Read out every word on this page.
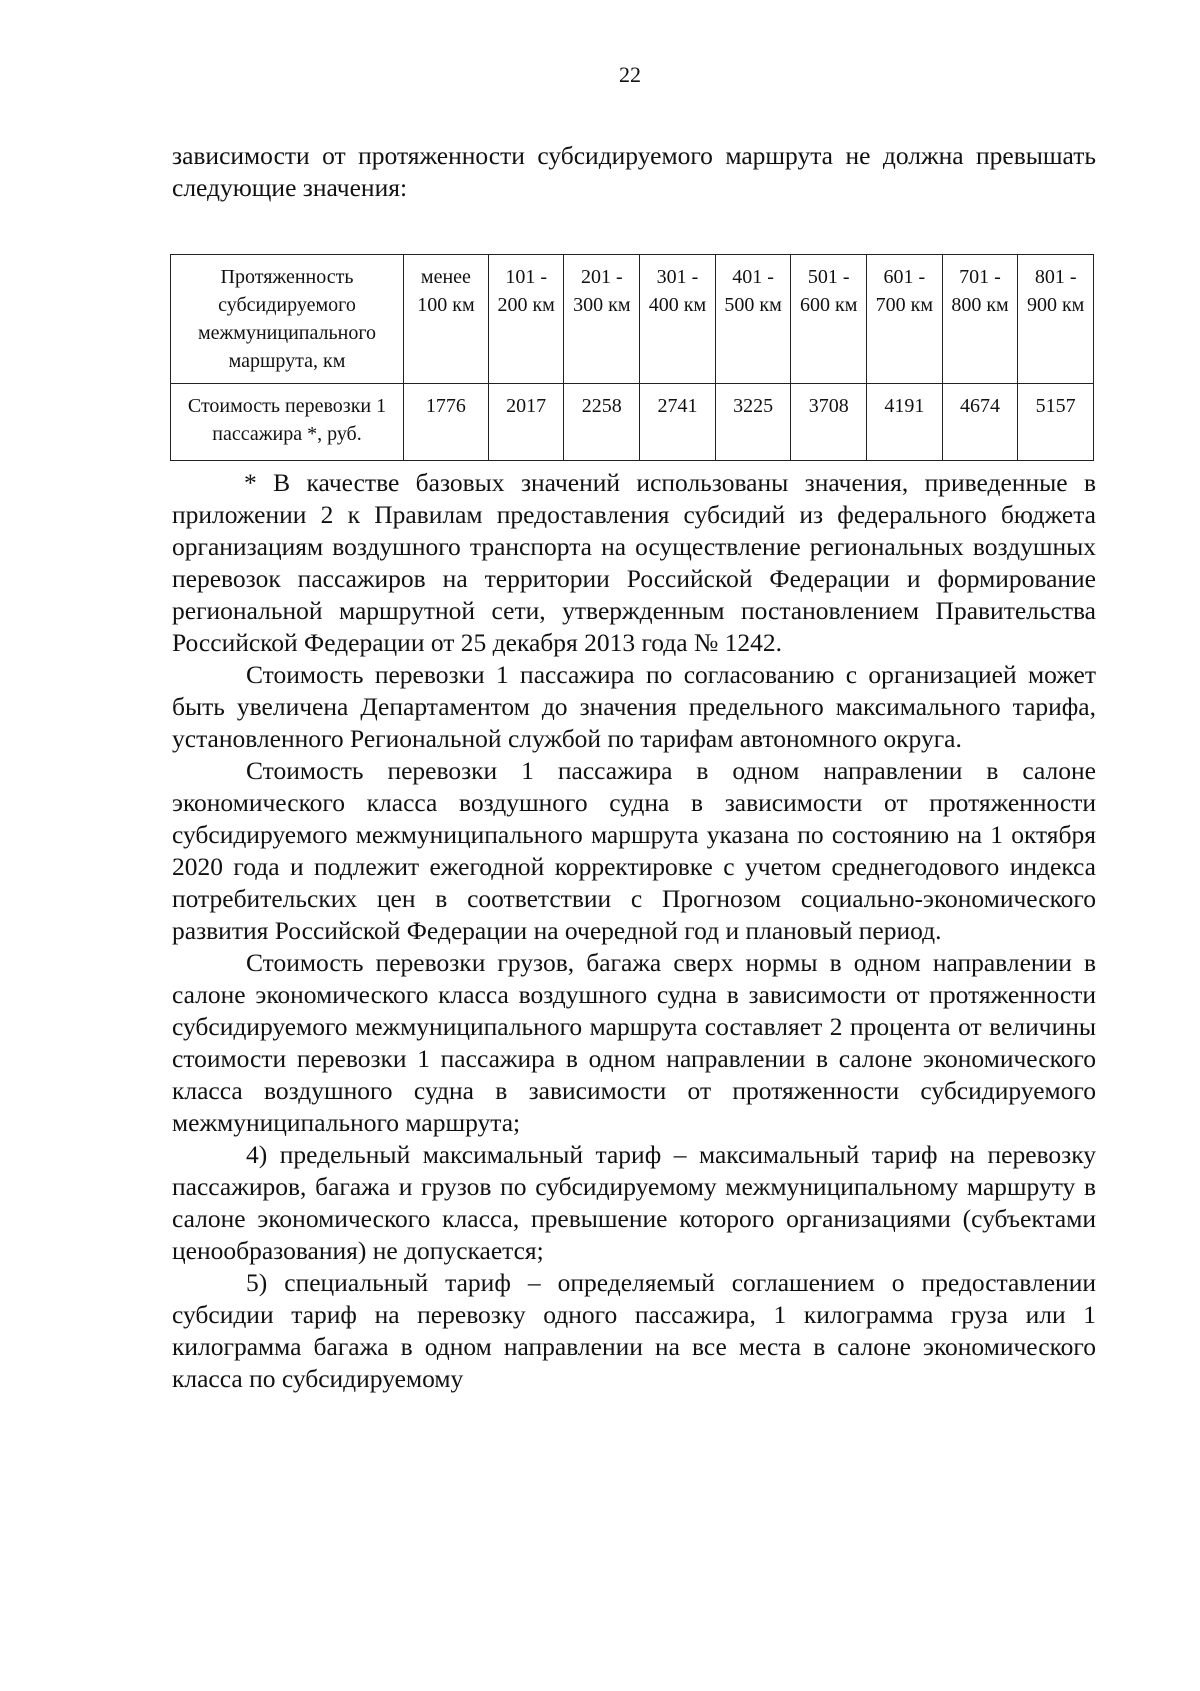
22

зависимости от протяженности субсидируемого маршрута не должна превышать следующие значения:

Протяженность субсидируемого межмуниципального маршрута, км	менее 100 км	101 - 200 км	201 - 300 км	301 - 400 км	401 - 500 км	501 - 600 км	601 - 700 км	701 - 800 км	801 - 900 км
Стоимость перевозки 1 пассажира *, руб.	1776	2017	2258	2741	3225	3708	4191	4674	5157

* В качестве базовых значений использованы значения, приведенные в приложении 2 к Правилам предоставления субсидий из федерального бюджета организациям воздушного транспорта на осуществление региональных воздушных перевозок пассажиров на территории Российской Федерации и формирование региональной маршрутной сети, утвержденным постановлением Правительства Российской Федерации от 25 декабря 2013 года № 1242.

Стоимость перевозки 1 пассажира по согласованию с организацией может быть увеличена Департаментом до значения предельного максимального тарифа, установленного Региональной службой по тарифам автономного округа.

Стоимость перевозки 1 пассажира в одном направлении в салоне экономического класса воздушного судна в зависимости от протяженности субсидируемого межмуниципального маршрута указана по состоянию на 1 октября 2020 года и подлежит ежегодной корректировке с учетом среднегодового индекса потребительских цен в соответствии с Прогнозом социально-экономического развития Российской Федерации на очередной год и плановый период.

Стоимость перевозки грузов, багажа сверх нормы в одном направлении в салоне экономического класса воздушного судна в зависимости от протяженности субсидируемого межмуниципального маршрута составляет 2 процента от величины стоимости перевозки 1 пассажира в одном направлении в салоне экономического класса воздушного судна в зависимости от протяженности субсидируемого межмуниципального маршрута;

4) предельный максимальный тариф – максимальный тариф на перевозку пассажиров, багажа и грузов по субсидируемому межмуниципальному маршруту в салоне экономического класса, превышение которого организациями (субъектами ценообразования) не допускается;

5) специальный тариф – определяемый соглашением о предоставлении субсидии тариф на перевозку одного пассажира, 1 килограмма груза или 1 килограмма багажа в одном направлении на все места в салоне экономического класса по субсидируемому
